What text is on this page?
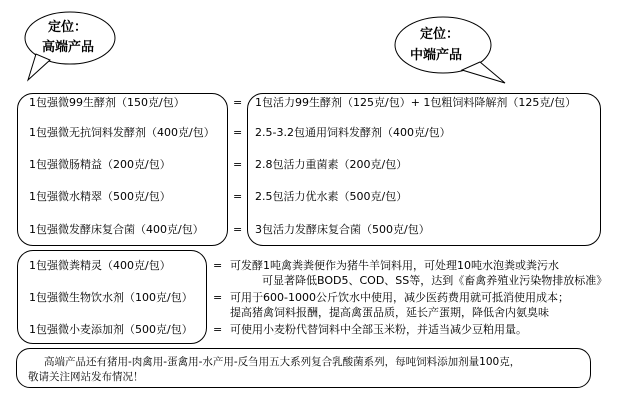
定位：
高端产品
定位：
中端产品
1包强微99生酵剂（150克/包）	= 1包活力99生酵剂（125克/包）+ 1包粗饲料降解剂（125克/包）
1包强微无抗饲料发酵剂（400克/包） = 2.5-3.2包通用饲料发酵剂（400克/包）
1包强微肠精益（200克/包）	= 2.8包活力重菌素（200克/包）
1包强微水精翠（500克/包）	= 2.5包活力优水素（500克/包）
1包强微发酵床复合菌（400克/包）	= 3包活力发酵床复合菌（500克/包）
1包强微粪精灵（400克/包）	= 可发酵1吨禽粪粪便作为猪牛羊饲料用，可处理10吨水泡粪或粪污水
可显著降低BOD5、COD、SS等，达到《畜禽养殖业污染物排放标准》
1包强微生物饮水剂（100克/包） = 可用于600-1000公斤饮水中使用，减少医药费用就可抵消使用成本；
提高猪禽饲料报酬，提高禽蛋品质，延长产蛋期，降低舍内氨臭味
1包强微小麦添加剂（500克/包） = 可使用小麦粉代替饲料中全部玉米粉，并适当减少豆粕用量。
高端产品还有猪用-肉禽用-蛋禽用-水产用-反刍用五大系列复合乳酸菌系列，每吨饲料添加剂量100克，
敬请关注网站发布情况！
